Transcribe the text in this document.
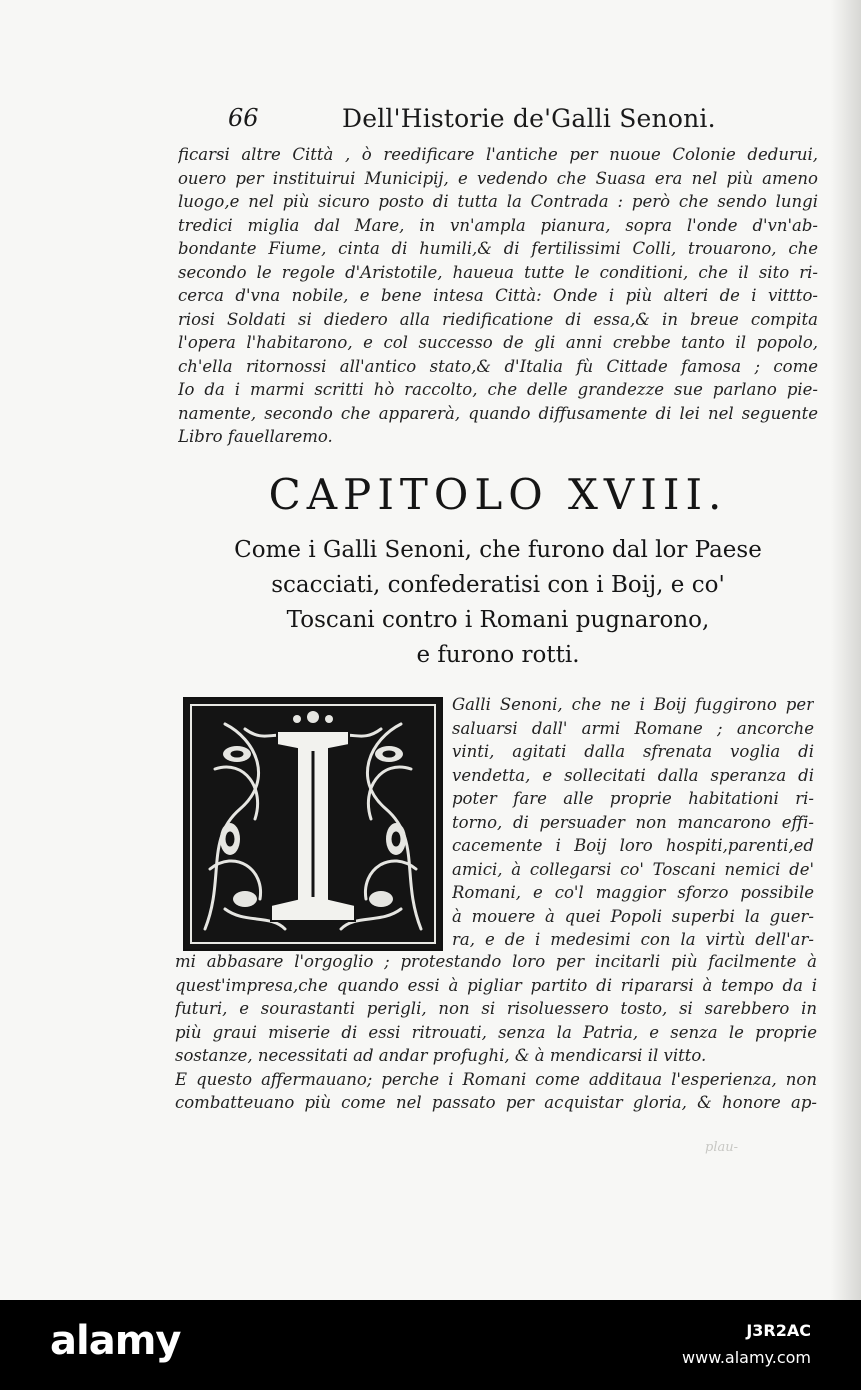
66	Dell'Historie de'Galli Senoni.
ficarsi altre Città , ò reedificare l'antiche per nuoue Colonie dedurui,
ouero per instituirui Municipij, e vedendo che Suasa era nel più ameno
luogo,e nel più sicuro posto di tutta la Contrada : però che sendo lungi
tredici miglia dal Mare, in vn'ampla pianura, sopra l'onde d'vn'ab-
bondante Fiume, cinta di humili,& di fertilissimi Colli, trouarono, che
secondo le regole d'Aristotile, haueua tutte le conditioni, che il sito ri-
cerca d'vna nobile, e bene intesa Città: Onde i più alteri de i vittto-
riosi Soldati si diedero alla riedificatione di essa,& in breue compita
l'opera l'habitarono, e col successo de gli anni crebbe tanto il popolo,
ch'ella ritornossi all'antico stato,& d'Italia fù Cittade famosa ; come
Io da i marmi scritti hò raccolto, che delle grandezze sue parlano pie-
namente, secondo che apparerà, quando diffusamente di lei nel seguente
Libro fauellaremo.
CAPITOLO XVIII.
Come i Galli Senoni, che furono dal lor Paese
scacciati, confederatisi con i Boij, e co'
Toscani contro i Romani pugnarono,
e furono rotti.
Galli Senoni, che ne i Boij fuggirono per
saluarsi dall' armi Romane ; ancorche
vinti, agitati dalla sfrenata voglia di
vendetta, e sollecitati dalla speranza di
poter fare alle proprie habitationi ri-
torno, di persuader non mancarono effi-
cacemente i Boij loro hospiti,parenti,ed
amici, à collegarsi co' Toscani nemici de'
Romani, e co'l maggior sforzo possibile
à mouere à quei Popoli superbi la guer-
ra, e de i medesimi con la virtù dell'ar-
mi abbasare l'orgoglio ; protestando loro per incitarli più facilmente à
quest'impresa,che quando essi à pigliar partito di ripararsi à tempo da i
futuri, e sourastanti perigli, non si risoluessero tosto, si sarebbero in
più graui miserie di essi ritrouati, senza la Patria, e senza le proprie
sostanze, necessitati ad andar profughi, & à mendicarsi il vitto.
E questo affermauano; perche i Romani come additaua l'esperienza, non
combatteuano più come nel passato per acquistar gloria, & honore ap-
plau-
alamy	J3R2AC
www.alamy.com
